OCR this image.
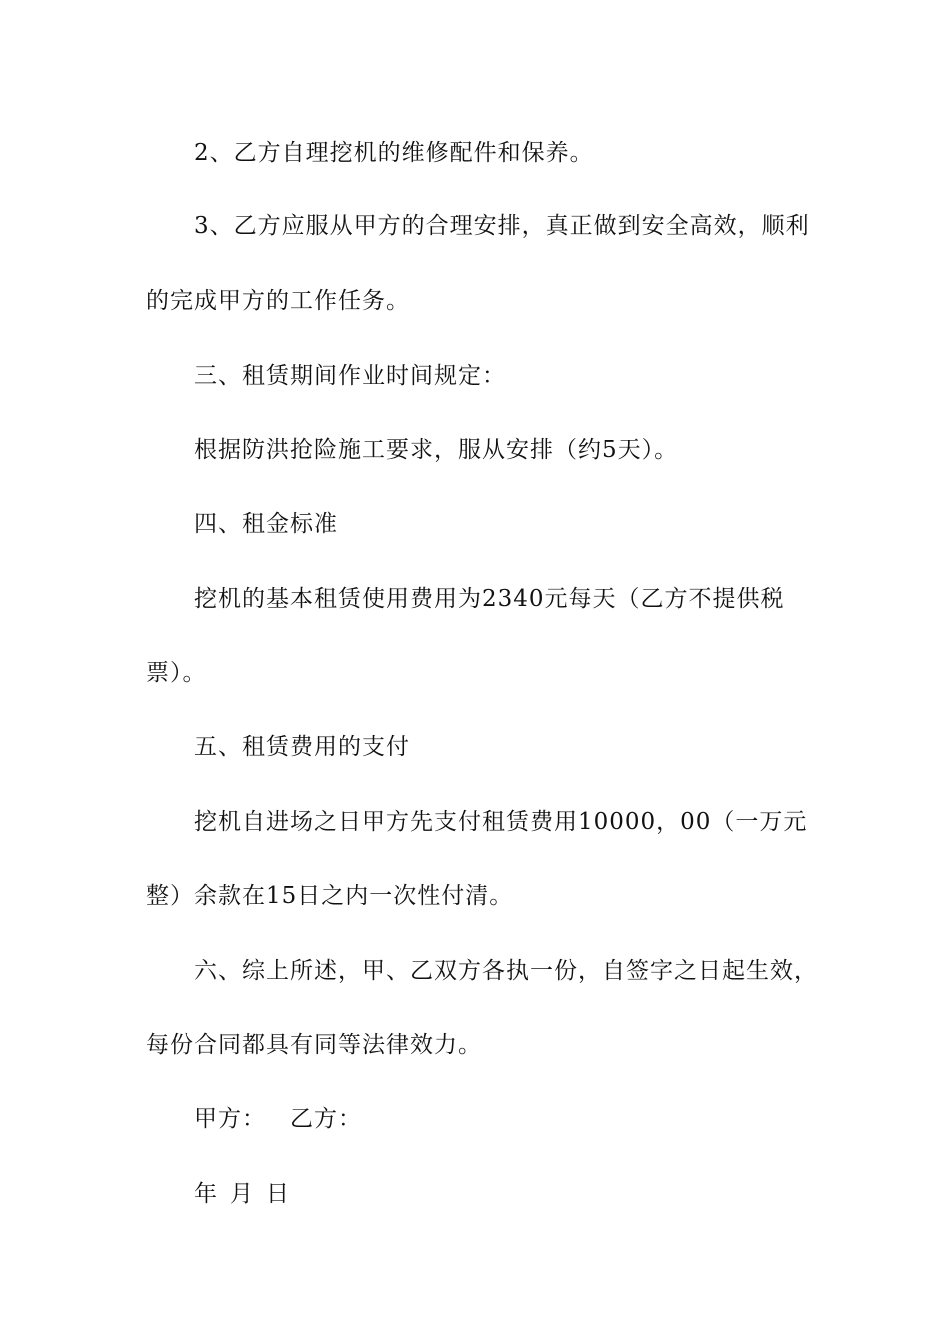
2、乙方自理挖机的维修配件和保养。
3、乙方应服从甲方的合理安排，真正做到安全高效，顺利
的完成甲方的工作任务。
三、租赁期间作业时间规定：
根据防洪抢险施工要求，服从安排（约5天）。
四、租金标准
挖机的基本租赁使用费用为2340元每天（乙方不提供税
票）。
五、租赁费用的支付
挖机自进场之日甲方先支付租赁费用10000，00（一万元
整）余款在15日之内一次性付清。
六、综上所述，甲、乙双方各执一份，自签字之日起生效，
每份合同都具有同等法律效力。
甲方： 乙方：
年 月 日
